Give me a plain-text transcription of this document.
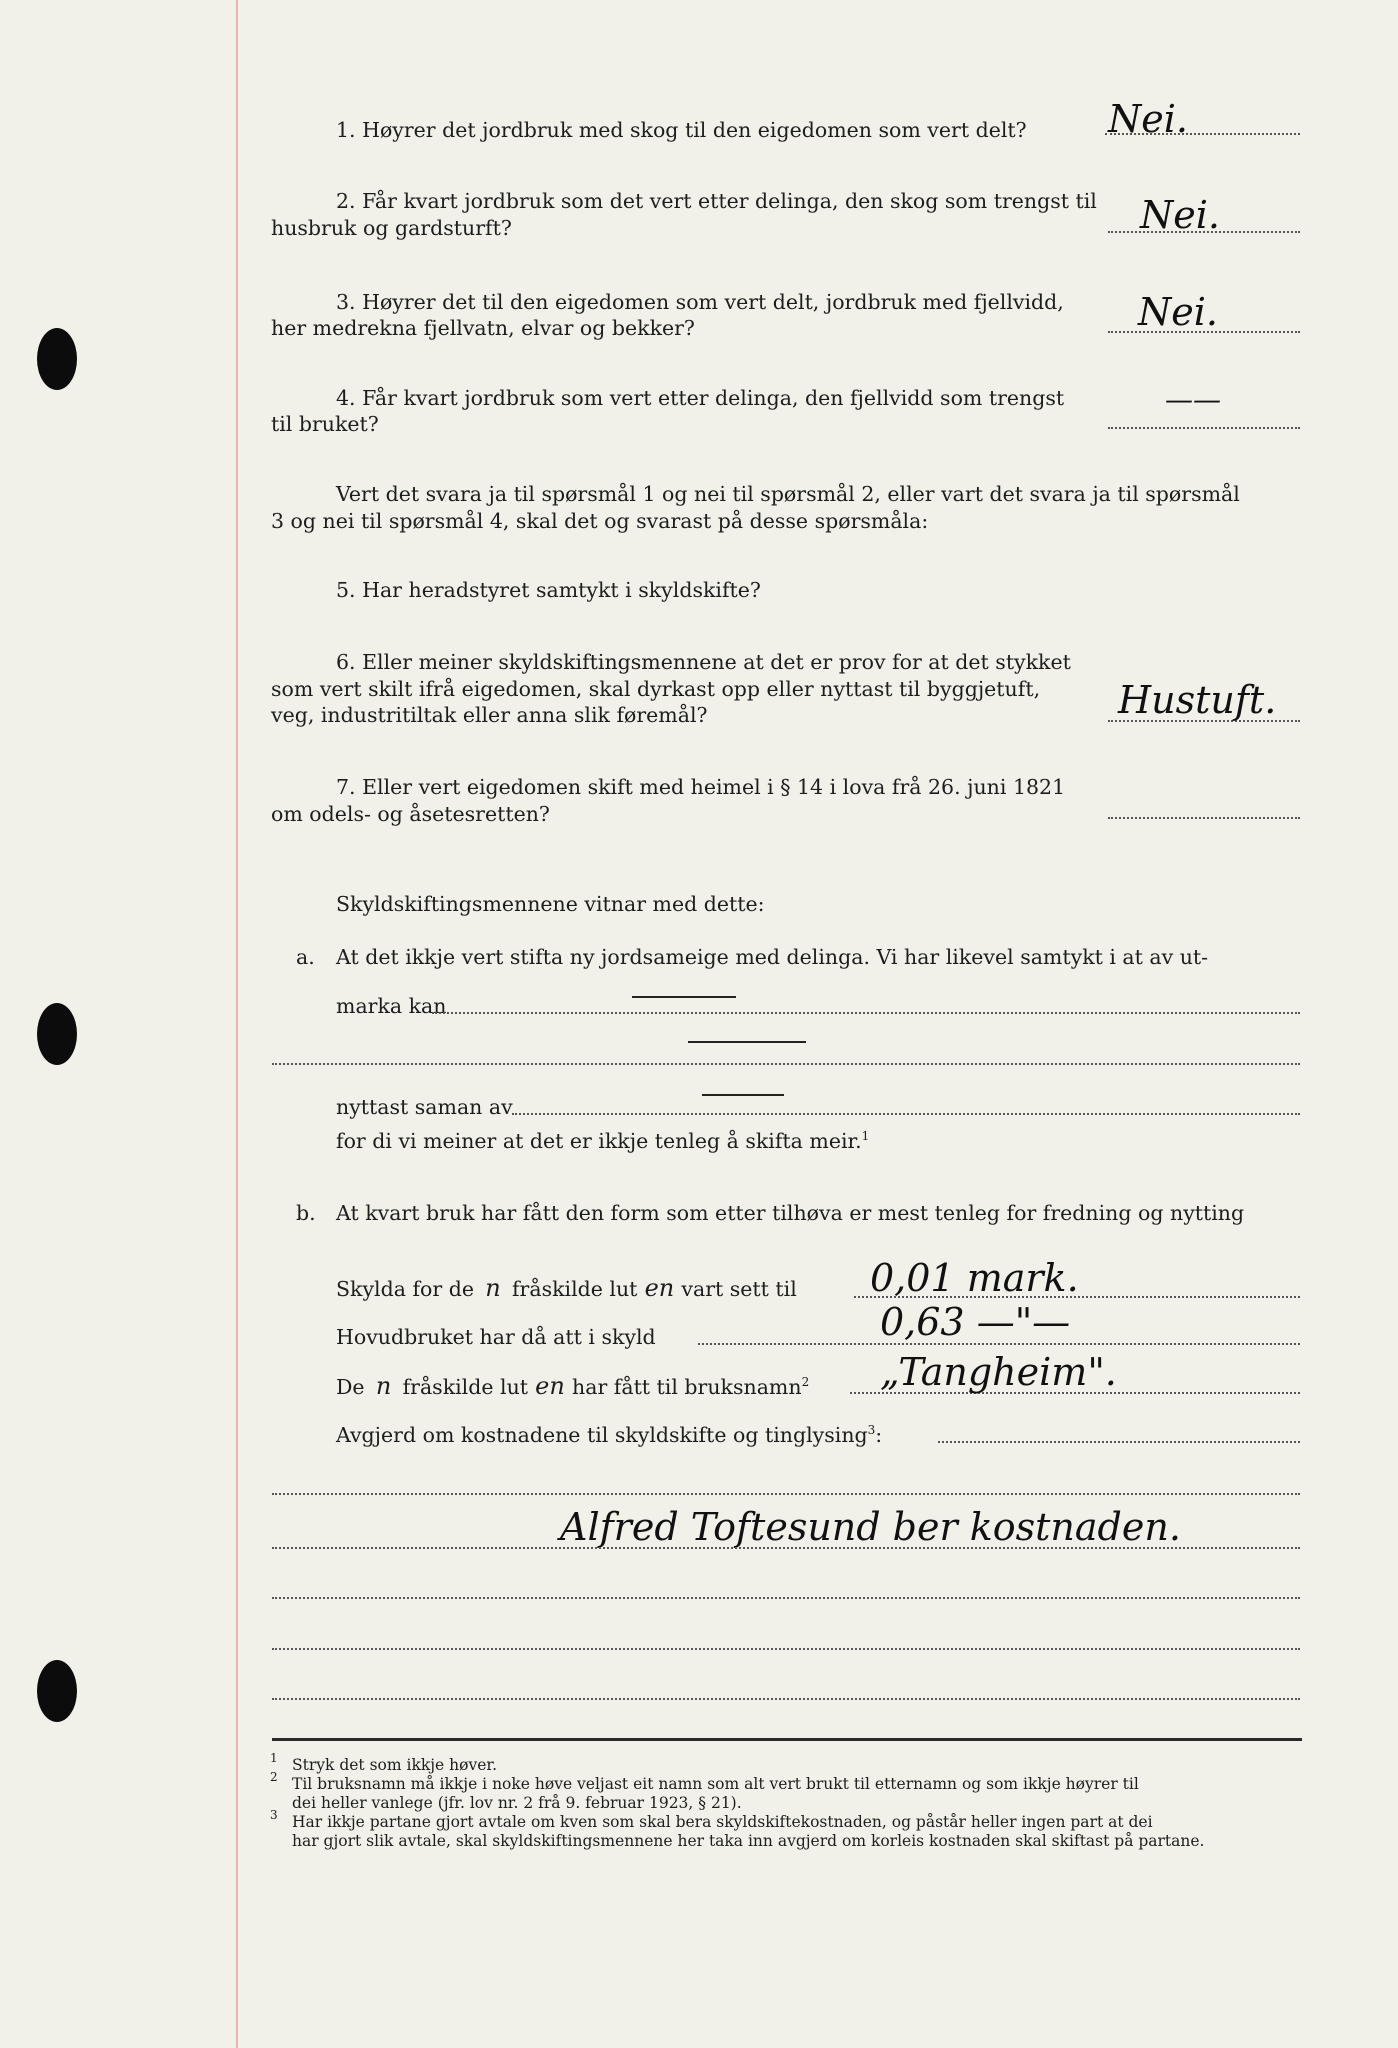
1. Høyrer det jordbruk med skog til den eigedomen som vert delt? Nei.
2. Får kvart jordbruk som det vert etter delinga, den skog som trengst til
husbruk og gardsturft?	Nei.
3. Høyrer det til den eigedomen som vert delt, jordbruk med fjellvidd,
her medrekna fjellvatn, elvar og bekker?	Nei.
4. Får kvart jordbruk som vert etter delinga, den fjellvidd som trengst
til bruket?
——
Vert det svara ja til spørsmål 1 og nei til spørsmål 2, eller vart det svara ja til spørsmål
3 og nei til spørsmål 4, skal det og svarast på desse spørsmåla:
5. Har heradstyret samtykt i skyldskifte?
6. Eller meiner skyldskiftingsmennene at det er prov for at det stykket
som vert skilt ifrå eigedomen, skal dyrkast opp eller nyttast til byggjetuft,
veg, industritiltak eller anna slik føremål?	Hustuft.
7. Eller vert eigedomen skift med heimel i § 14 i lova frå 26. juni 1821
om odels- og åsetesretten?
Skyldskiftingsmennene vitnar med dette:
a. At det ikkje vert stifta ny jordsameige med delinga. Vi har likevel samtykt i at av ut-
marka kan
nyttast saman av
for di vi meiner at det er ikkje tenleg å skifta meir.$^1$
b. At kvart bruk har fått den form som etter tilhøva er mest tenleg for fredning og nytting
Skylda for de n fråskilde lut en vart sett til 0,01 mark.
Hovudbruket har då att i skyld	0,63 —"—
De n fråskilde lut en har fått til bruksnamn$^2$ „Tangheim".
Avgjerd om kostnadene til skyldskifte og tinglysing$^3$:
Alfred Toftesund ber kostnaden.
$^1$ Stryk det som ikkje høver.
$^2$ Til bruksnamn må ikkje i noke høve veljast eit namn som alt vert brukt til etternamn og som ikkje høyrer til
dei heller vanlege (jfr. lov nr. 2 frå 9. februar 1923, § 21).
$^3$ Har ikkje partane gjort avtale om kven som skal bera skyldskiftekostnaden, og påstår heller ingen part at dei
har gjort slik avtale, skal skyldskiftingsmennene her taka inn avgjerd om korleis kostnaden skal skiftast på partane.
